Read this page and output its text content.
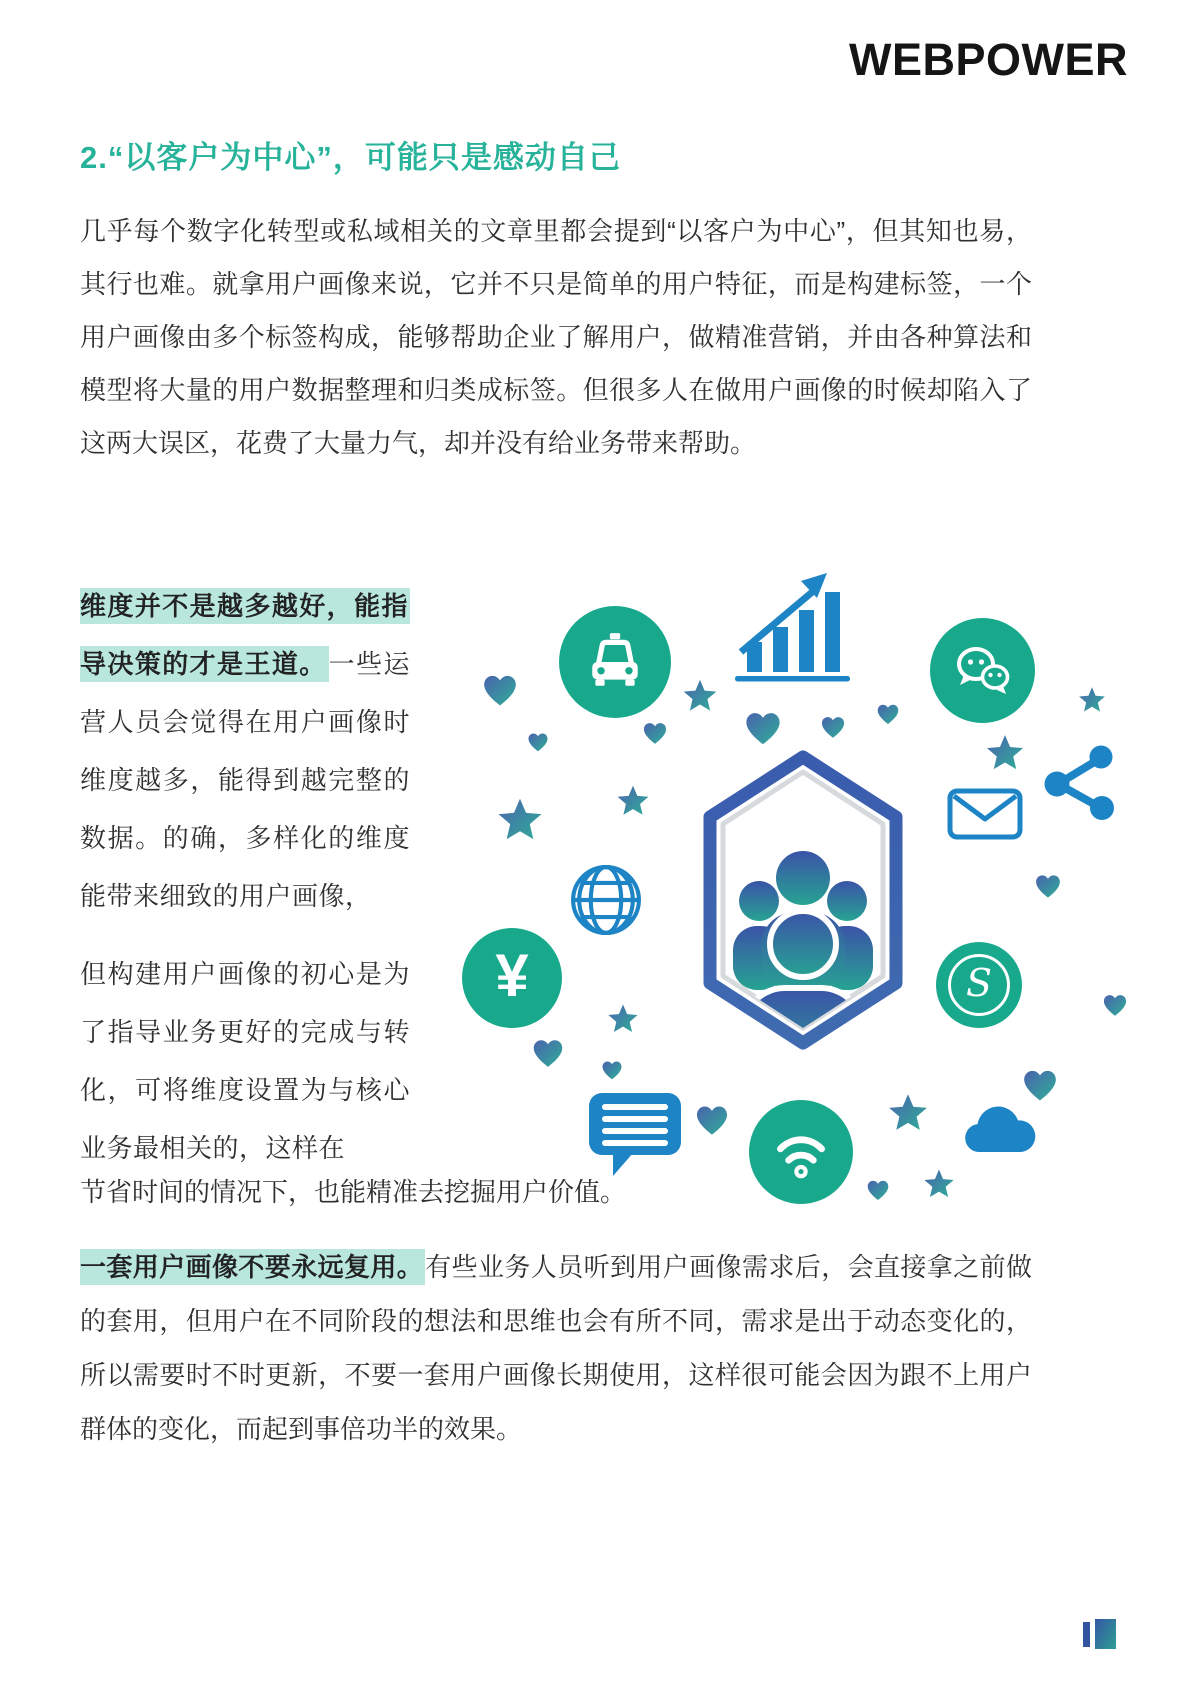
WEBPOWER
2.“以客户为中心”，可能只是感动自己
几乎每个数字化转型或私域相关的文章里都会提到“以客户为中心”，但其知也易，其行也难。就拿用户画像来说，它并不只是简单的用户特征，而是构建标签，一个用户画像由多个标签构成，能够帮助企业了解用户，做精准营销，并由各种算法和模型将大量的用户数据整理和归类成标签。但很多人在做用户画像的时候却陷入了这两大误区，花费了大量力气，却并没有给业务带来帮助。

维度并不是越多越好，能指导决策的才是王道。一些运营人员会觉得在用户画像时维度越多，能得到越完整的数据。的确，多样化的维度能带来细致的用户画像，

但构建用户画像的初心是为了指导业务更好的完成与转化，可将维度设置为与核心业务最相关的，这样在

节省时间的情况下，也能精准去挖掘用户价值。
一套用户画像不要永远复用。有些业务人员听到用户画像需求后，会直接拿之前做的套用，但用户在不同阶段的想法和思维也会有所不同，需求是出于动态变化的，所以需要时不时更新，不要一套用户画像长期使用，这样很可能会因为跟不上用户群体的变化，而起到事倍功半的效果。
¥	S
